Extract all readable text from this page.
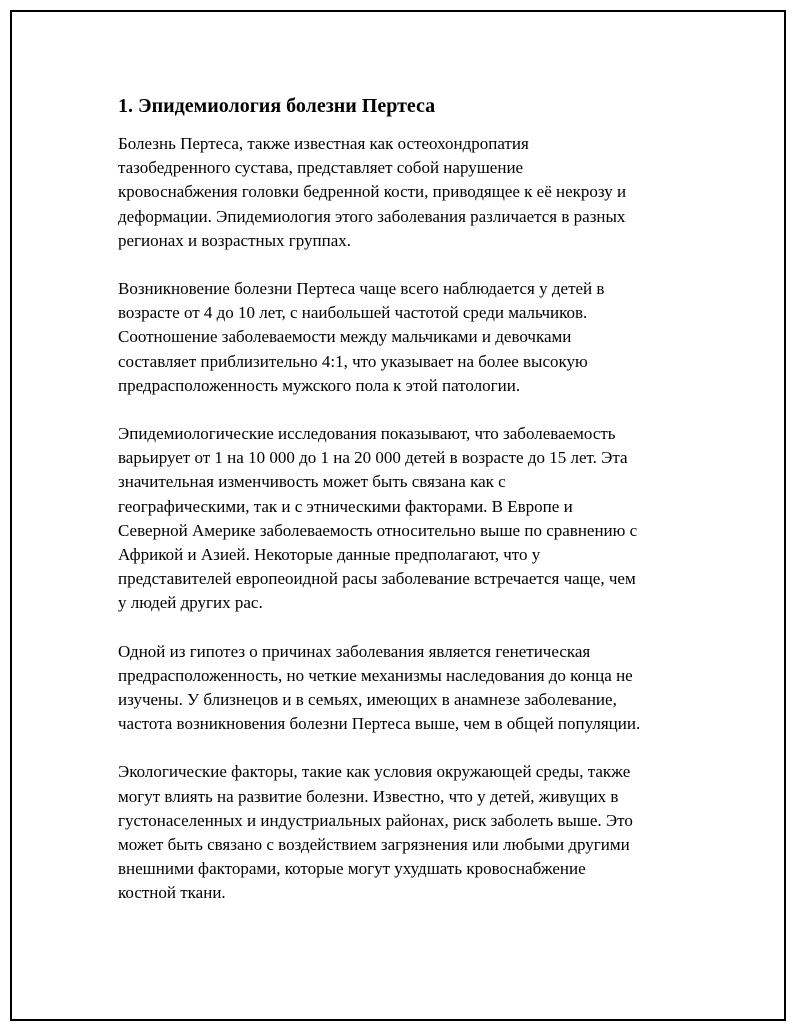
1. Эпидемиология болезни Пертеса

Болезнь Пертеса, также известная как остеохондропатия
тазобедренного сустава, представляет собой нарушение
кровоснабжения головки бедренной кости, приводящее к её некрозу и
деформации. Эпидемиология этого заболевания различается в разных
регионах и возрастных группах.

Возникновение болезни Пертеса чаще всего наблюдается у детей в
возрасте от 4 до 10 лет, с наибольшей частотой среди мальчиков.
Соотношение заболеваемости между мальчиками и девочками
составляет приблизительно 4:1, что указывает на более высокую
предрасположенность мужского пола к этой патологии.

Эпидемиологические исследования показывают, что заболеваемость
варьирует от 1 на 10 000 до 1 на 20 000 детей в возрасте до 15 лет. Эта
значительная изменчивость может быть связана как с
географическими, так и с этническими факторами. В Европе и
Северной Америке заболеваемость относительно выше по сравнению с
Африкой и Азией. Некоторые данные предполагают, что у
представителей европеоидной расы заболевание встречается чаще, чем
у людей других рас.

Одной из гипотез о причинах заболевания является генетическая
предрасположенность, но четкие механизмы наследования до конца не
изучены. У близнецов и в семьях, имеющих в анамнезе заболевание,
частота возникновения болезни Пертеса выше, чем в общей популяции.

Экологические факторы, такие как условия окружающей среды, также
могут влиять на развитие болезни. Известно, что у детей, живущих в
густонаселенных и индустриальных районах, риск заболеть выше. Это
может быть связано с воздействием загрязнения или любыми другими
внешними факторами, которые могут ухудшать кровоснабжение
костной ткани.
